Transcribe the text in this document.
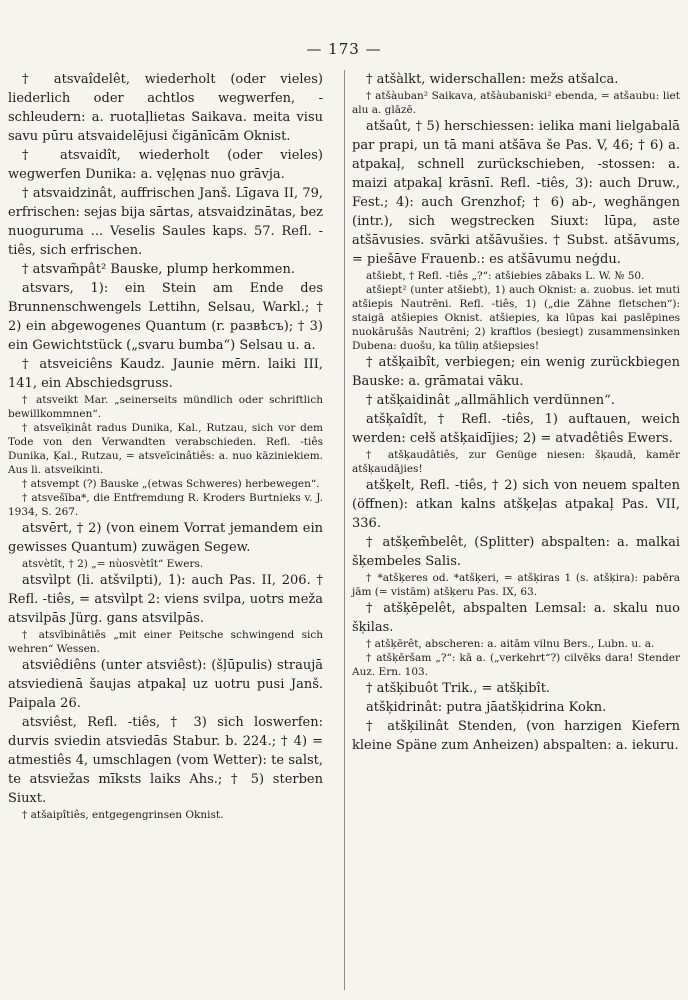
— 173 —

† atsvaîdelêt, wiederholt (oder vieles) liederlich oder achtlos wegwerfen, -schleudern: a. ruotaļlietas Saikava. meita visu savu pūru atsvaidelējusi čigānīcām Oknist.

† atsvaidît, wiederholt (oder vieles) wegwerfen Dunika: a. vęļęnas nuo grāvja.

† atsvaidzinât, auffrischen Janš. Līgava II, 79, erfrischen: sejas bija sārtas, atsvaidzinātas, bez nuogurumа ... Veselis Saules kaps. 57. Refl. -tiês, sich erfrischen.

† atsvam̃pât² Bauske, plump herkommen.

atsvars, 1): ein Stein am Ende des Brunnenschwengels Lettihn, Selsau, Warkl.; † 2) ein abgewogenes Quantum (r. развѣсъ); † 3) ein Gewichtstück („svaru bumba“) Selsau u. a.

† atsveiciêns Kaudz. Jaunie mērn. laiki III, 141, ein Abschiedsgruss.

† atsveikt Mar. „seinerseits mündlich oder schriftlich bewillkommnen“.

† atsveīķinât radus Dunika, Kal., Rutzau, sich vor dem Tode von den Verwandten verabschieden. Refl. -tiês Dunika, Ķal., Rutzau, = atsveīcinâtiês: a. nuo kāziniekiem. Aus li. atsveikinti.

† atsvempt (?) Bauske „(etwas Schweres) herbewegen“.

† atsvešība*, die Entfremdung R. Kroders Burtnieks v. J. 1934, S. 267.

atsvērt, † 2) (von einem Vorrat jemandem ein gewisses Quantum) zuwägen Segew.

atsvètît, † 2) „= nùosvètît“ Ewers.

atsvìlpt (li. atšvilpti), 1): auch Pas. II, 206. † Refl. -tiês, = atsvìlpt 2: viens svilpa, uotrs meža atsvilpās Jürg. gans atsvilpās.

† atsvībinâtiês „mit einer Peitsche schwingend sich wehren“ Wessen.

atsviêdiêns (unter atsviêst): (šļūpulis) straujā atsviedienā šaujas atpakaļ uz uotru pusi Janš. Paipala 26.

atsviêst, Refl. -tiês, † 3) sich loswerfen: durvis sviedin atsviedās Stabur. b. 224.; † 4) = atmestiês 4, umschlagen (vom Wetter): te salst, te atsviežas mīksts laiks Ahs.; † 5) sterben Siuxt.

† atšaipîtiês, entgegengrinsen Oknist.

† atšàlkt, widerschallen: mežs atšalca.

† atšàuban² Saikava, atšàubaniski² ebenda, = atšaubu: liet alu a. glāzē.

atšaût, † 5) herschiessen: ielika mani lielgabalā par prapi, un tā mani atšāva še Pas. V, 46; † 6) a. atpakaļ, schnell zurückschieben, -stossen: a. maizi atpakaļ krāsnī. Refl. -tiês, 3): auch Druw., Fest.; 4): auch Grenzhof; † 6) ab-, weghängen (intr.), sich wegstrecken Siuxt: lūpa, aste atšāvusies. svārki atšāvušies. † Subst. atšāvums, = piešāve Frauenb.: es atšāvumu neģdu.

atšiebt, † Refl. -tiês „?“: atšiebies zābaks L. W. № 50.

atšiept² (unter atšiebt), 1) auch Oknist: a. zuobus. iet muti atšiepis Nautrēni. Refl. -tiês, 1) („die Zähne fletschen“): staigā atšiepies Oknist. atšiepies, ka lūpas kai paslēpines nuokārušās Nautrēni; 2) kraftlos (besiegt) zusammensinken Dubena: duošu, ka tūliņ atšiepsies!

† atšķaibît, verbiegen; ein wenig zurückbiegen Bauske: a. grāmatai vāku.

† atšķaidinât „allmählich verdünnen“.

atšķaîdît, † Refl. -tiês, 1) auftauen, weich werden: cełš atšķaidījies; 2) = atvadêtiês Ewers.

† atšķaudâtiês, zur Genüge niesen: šķaudā, kamēr atšķaudājies!

atšķelt, Refl. -tiês, † 2) sich von neuem spalten (öffnen): atkan kalns atšķeļas atpakaļ Pas. VII, 336.

† atšķem̃belêt, (Splitter) abspalten: a. malkai šķembeles Salis.

† *atšķeres od. *atšķeri, = atšķiras 1 (s. atšķira): pabēra jām (= vistām) atšķeru Pas. IX, 63.

† atšķēpelêt, abspalten Lemsal: a. skalu nuo šķilas.

† atšķērêt, abscheren: a. aitām vilnu Bers., Lubn. u. a.

† atšķēršam „?“: kā a. („verkehrt“?) cilvēks dara! Stender Auz. Ern. 103.

† atšķibuôt Trik., = atšķibît.

atšķidrinât: putra jāatšķidrina Kokn.

† atšķilinât Stenden, (von harzigen Kiefern kleine Späne zum Anheizen) abspalten: a. iekuru.
